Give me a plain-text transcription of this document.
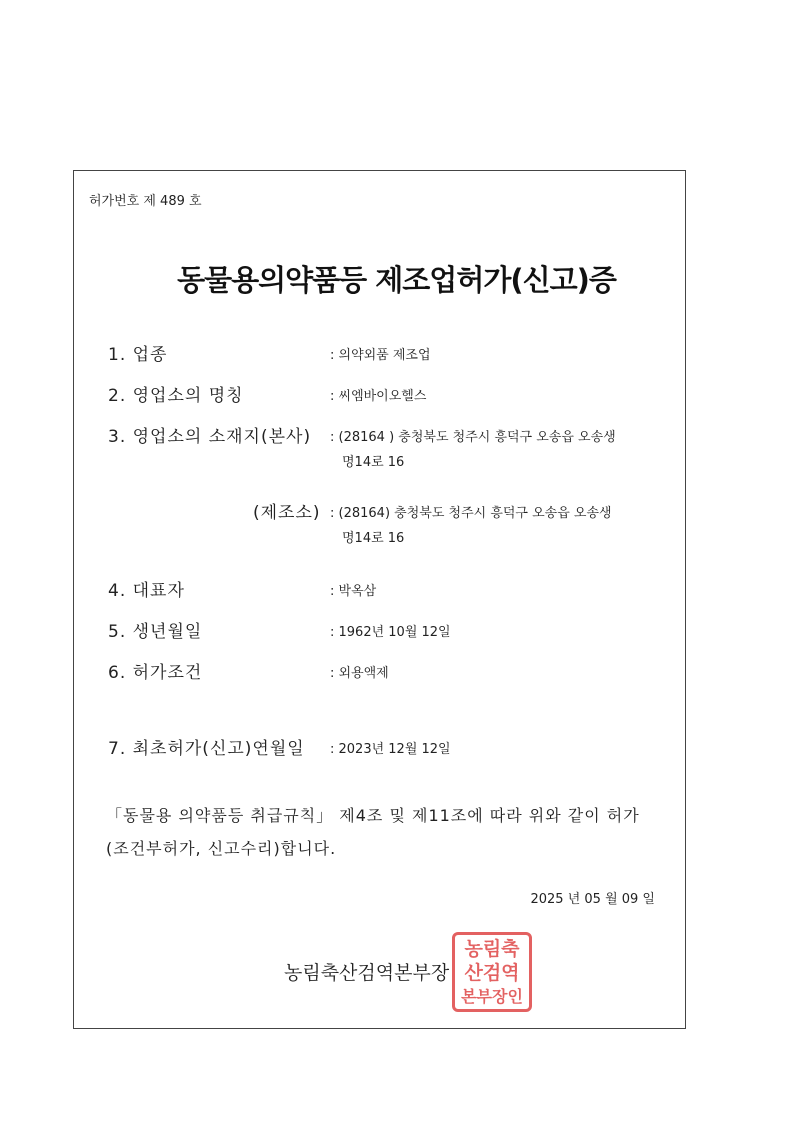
허가번호 제 489 호
동물용의약품등 제조업허가(신고)증
1. 업종	: 의약외품 제조업
2. 영업소의 명칭	: 씨엠바이오헬스
3. 영업소의 소재지(본사) : (28164 ) 충청북도 청주시 흥덕구 오송읍 오송생
명14로 16
(제조소) : (28164) 충청북도 청주시 흥덕구 오송읍 오송생
명14로 16
4. 대표자	: 박옥삼
5. 생년월일	: 1962년 10월 12일
6. 허가조건	: 외용액제
7. 최초허가(신고)연월일 : 2023년 12월 12일
「동물용 의약품등 취급규칙」 제4조 및 제11조에 따라 위와 같이 허가
(조건부허가, 신고수리)합니다.
2025 년 05 월 09 일
농림축산검역본부장
농림축
산검역
본부장인
